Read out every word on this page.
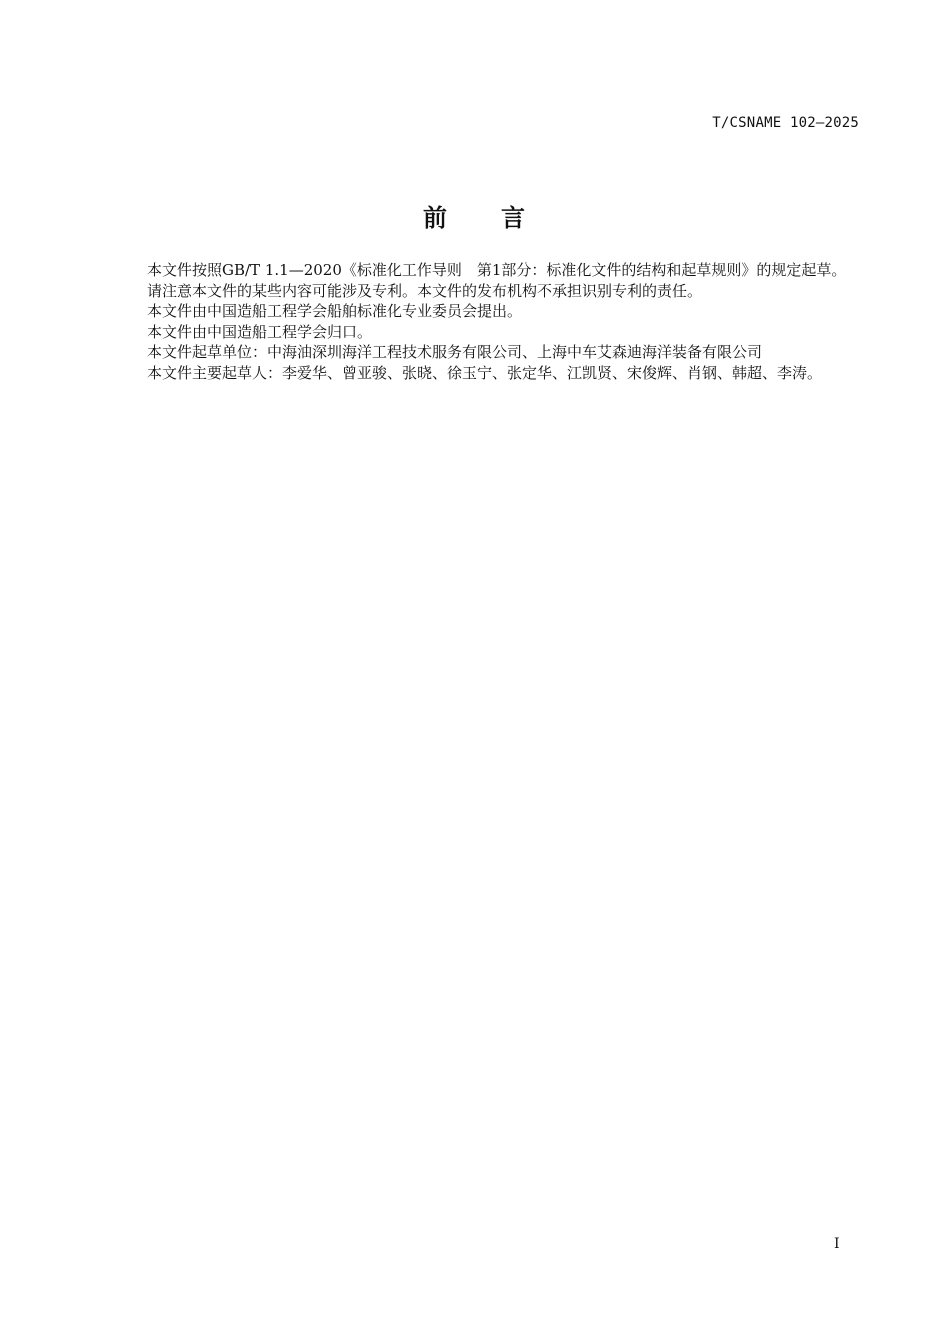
T/CSNAME 102—2025
前　　言

本文件按照GB/T 1.1—2020《标准化工作导则　第1部分：标准化文件的结构和起草规则》的规定起草。

请注意本文件的某些内容可能涉及专利。本文件的发布机构不承担识别专利的责任。

本文件由中国造船工程学会船舶标准化专业委员会提出。

本文件由中国造船工程学会归口。

本文件起草单位：中海油深圳海洋工程技术服务有限公司、上海中车艾森迪海洋装备有限公司

本文件主要起草人：李爱华、曾亚骏、张晓、徐玉宁、张定华、江凯贤、宋俊辉、肖钢、韩超、李涛。

I
